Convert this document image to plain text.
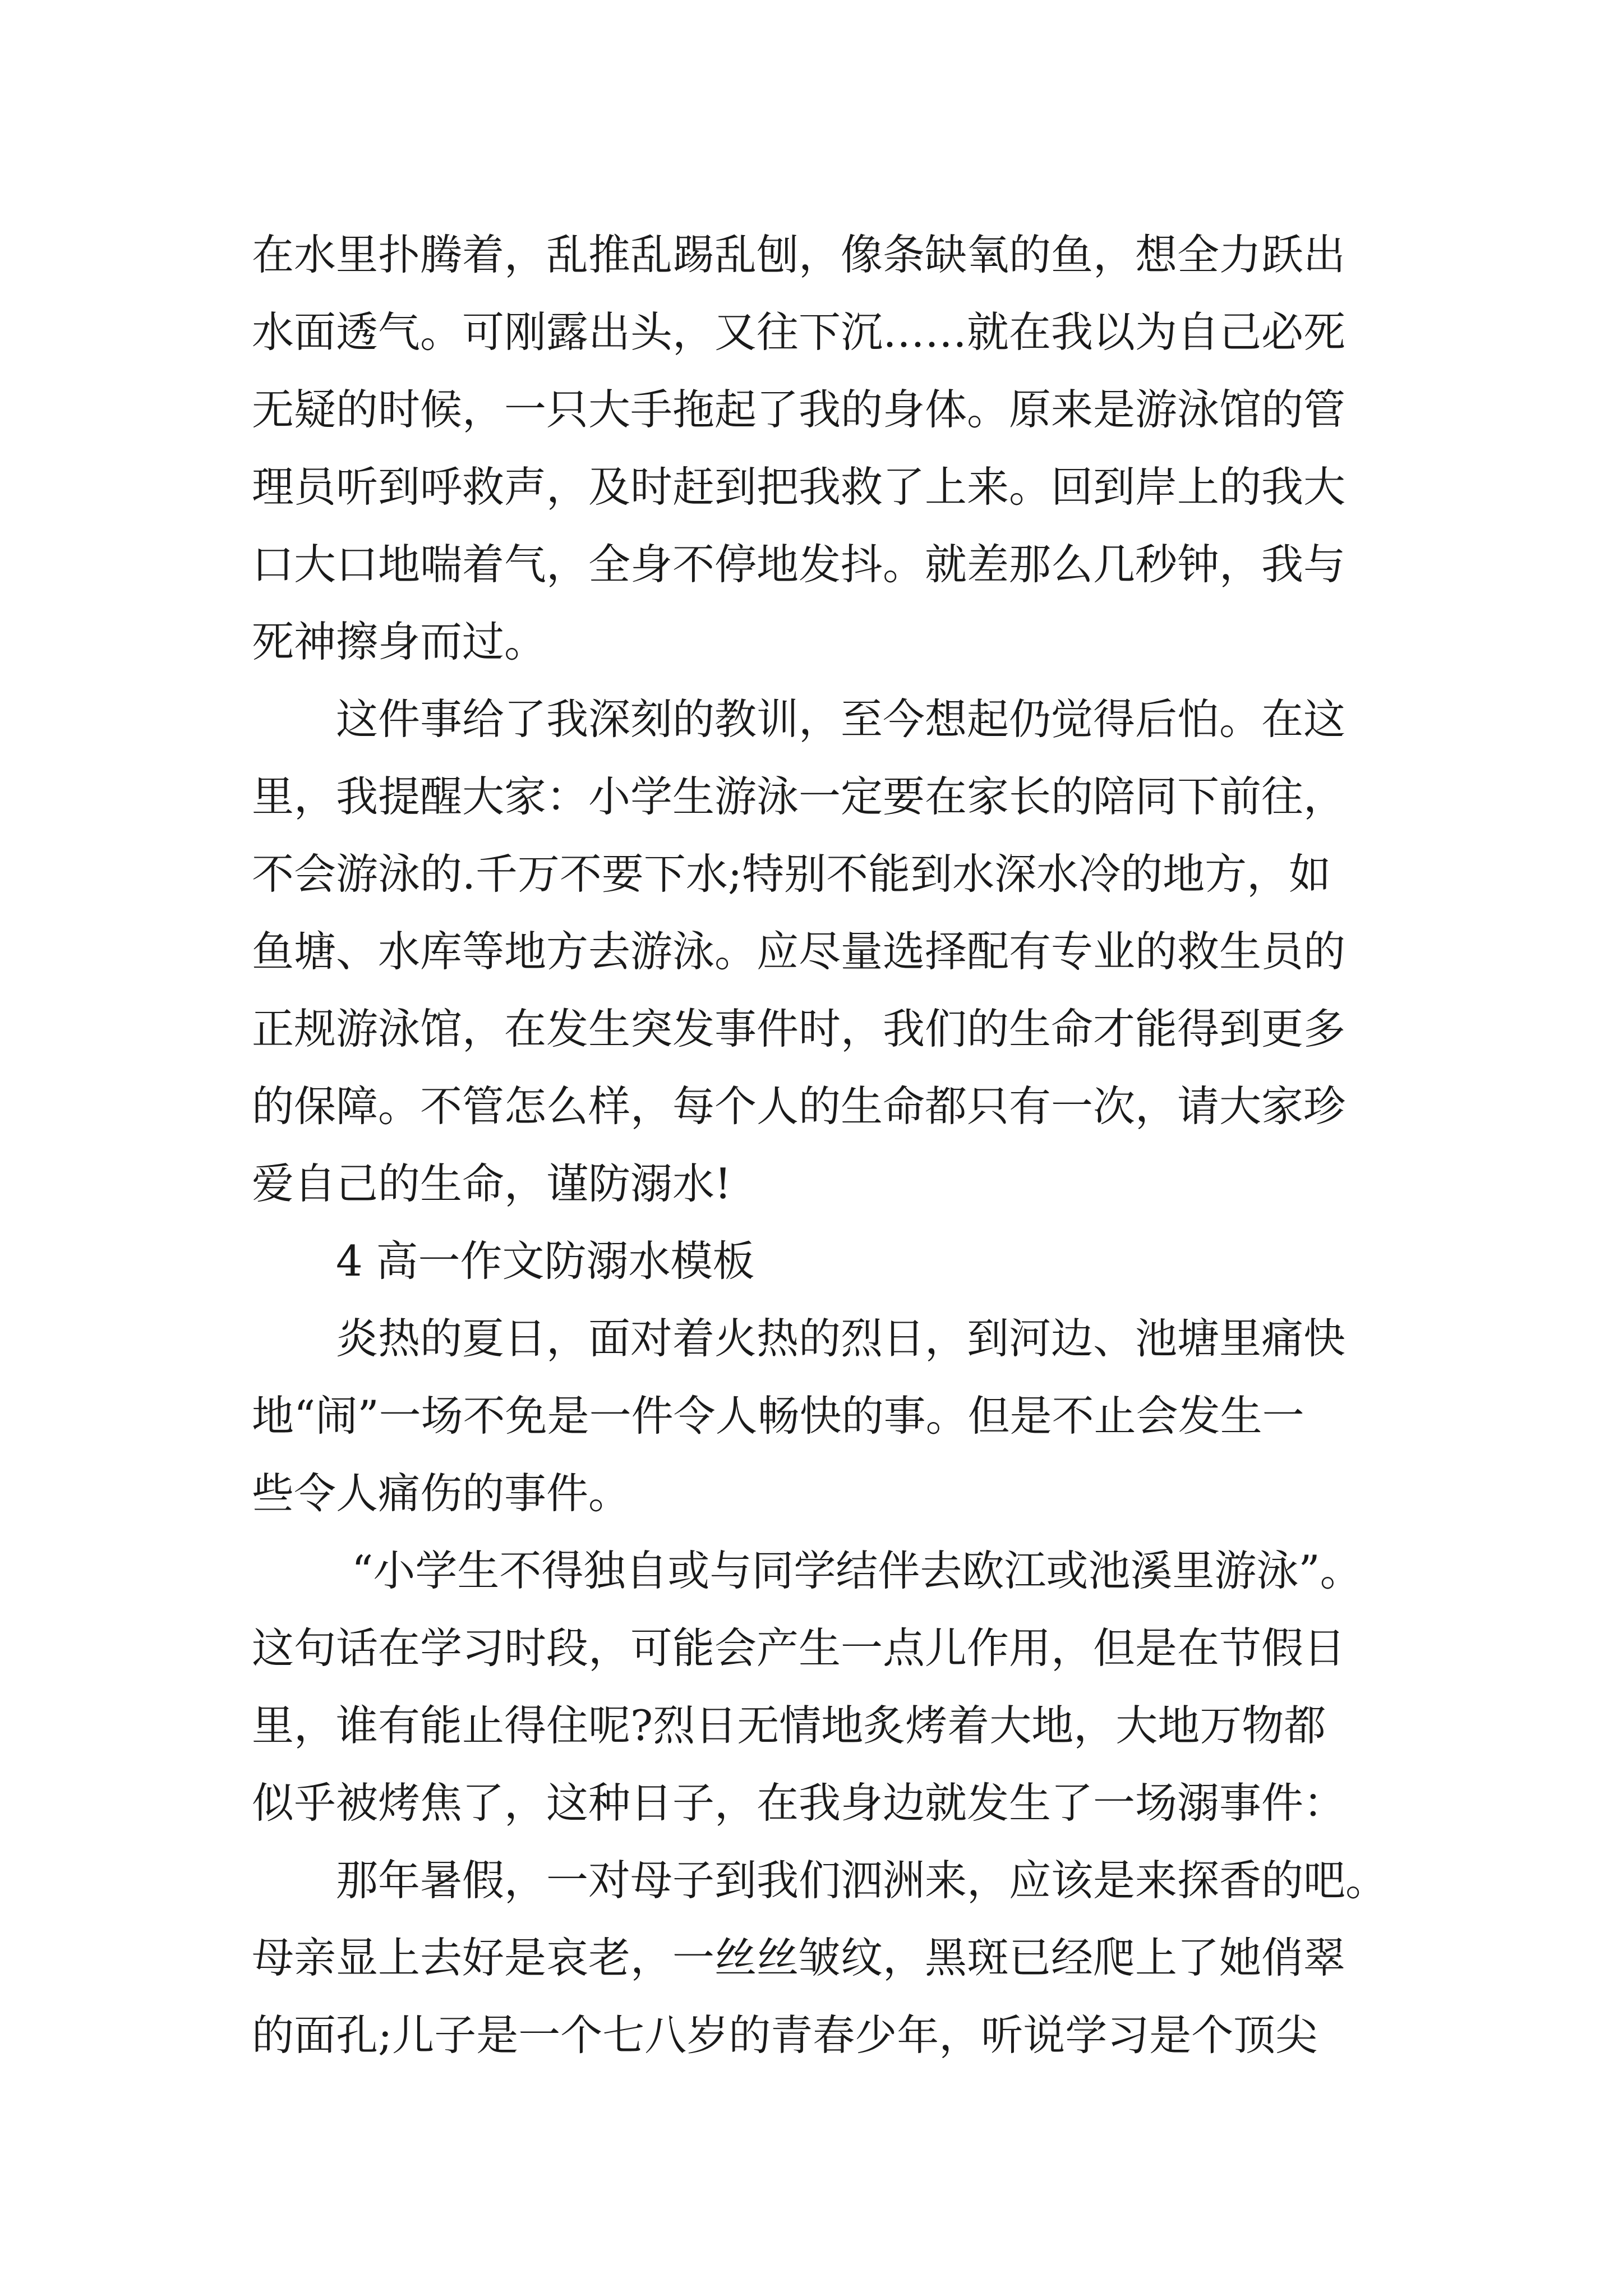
在水里扑腾着，乱推乱踢乱刨，像条缺氧的鱼，想全力跃出
水面透气。可刚露出头，又往下沉……就在我以为自己必死
无疑的时候，一只大手拖起了我的身体。原来是游泳馆的管
理员听到呼救声，及时赶到把我救了上来。回到岸上的我大
口大口地喘着气，全身不停地发抖。就差那么几秒钟，我与
死神擦身而过。
这件事给了我深刻的教训，至今想起仍觉得后怕。在这
里，我提醒大家：小学生游泳一定要在家长的陪同下前往，
不会游泳的.千万不要下水;特别不能到水深水冷的地方，如
鱼塘、水库等地方去游泳。应尽量选择配有专业的救生员的
正规游泳馆，在发生突发事件时，我们的生命才能得到更多
的保障。不管怎么样，每个人的生命都只有一次，请大家珍
爱自己的生命，谨防溺水!
4 高一作文防溺水模板
炎热的夏日，面对着火热的烈日，到河边、池塘里痛快
地“闹”一场不免是一件令人畅快的事。但是不止会发生一
些令人痛伤的事件。
“小学生不得独自或与同学结伴去欧江或池溪里游泳”。
这句话在学习时段，可能会产生一点儿作用，但是在节假日
里，谁有能止得住呢?烈日无情地炙烤着大地，大地万物都
似乎被烤焦了，这种日子，在我身边就发生了一场溺事件：
那年暑假，一对母子到我们泗洲来，应该是来探香的吧。
母亲显上去好是哀老，一丝丝皱纹，黑斑已经爬上了她俏翠
的面孔;儿子是一个七八岁的青春少年，听说学习是个顶尖
